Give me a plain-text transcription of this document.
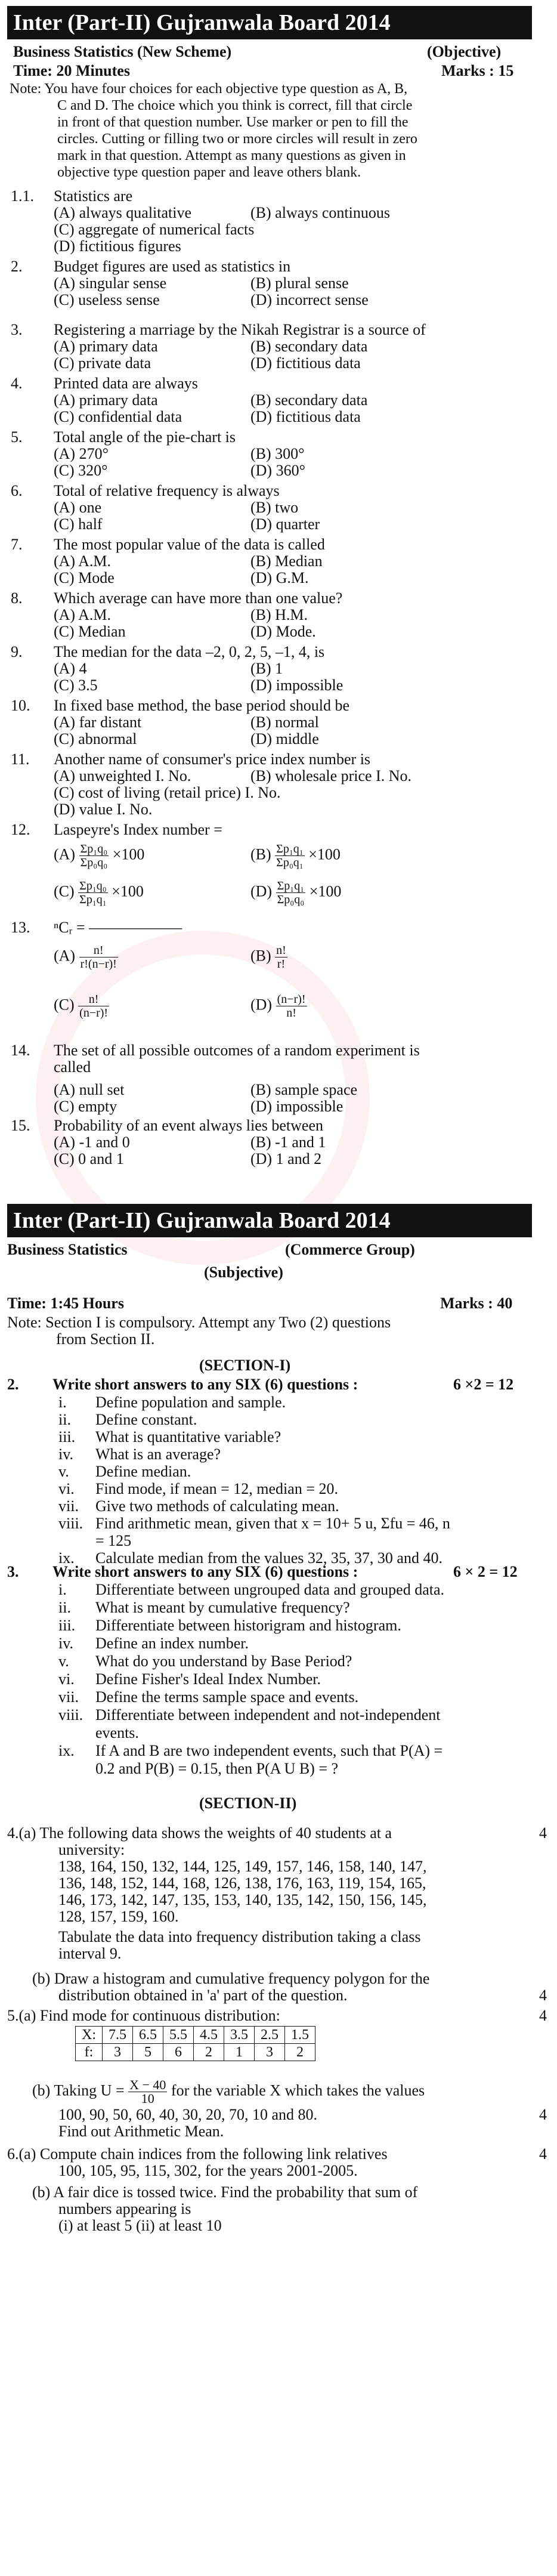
Inter (Part-II) Gujranwala Board 2014
Business Statistics (New Scheme)	(Objective)
Time: 20 Minutes	Marks : 15
Note: You have four choices for each objective type question as A, B,
C and D. The choice which you think is correct, fill that circle
in front of that question number. Use marker or pen to fill the
circles. Cutting or filling two or more circles will result in zero
mark in that question. Attempt as many questions as given in
objective type question paper and leave others blank.
1.1. Statistics are
(A) always qualitative	(B) always continuous
(C) aggregate of numerical facts
(D) fictitious figures
2. Budget figures are used as statistics in
(A) singular sense	(B) plural sense
(C) useless sense	(D) incorrect sense
3. Registering a marriage by the Nikah Registrar is a source of
(A) primary data	(B) secondary data
(C) private data	(D) fictitious data
4. Printed data are always
(A) primary data	(B) secondary data
(C) confidential data	(D) fictitious data
5. Total angle of the pie-chart is
(A) 270°	(B) 300°
(C) 320°	(D) 360°
6. Total of relative frequency is always
(A) one	(B) two
(C) half	(D) quarter
7. The most popular value of the data is called
(A) A.M.	(B) Median
(C) Mode	(D) G.M.
8. Which average can have more than one value?
(A) A.M.	(B) H.M.
(C) Median	(D) Mode.
9. The median for the data –2, 0, 2, 5, –1, 4, is
(A) 4	(B) 1
(C) 3.5	(D) impossible
10. In fixed base method, the base period should be
(A) far distant	(B) normal
(C) abnormal	(D) middle
11. Another name of consumer's price index number is
(A) unweighted I. No.	(B) wholesale price I. No.
(C) cost of living (retail price) I. No.
(D) value I. No.
12. Laspeyre's Index number =
$(A) \frac{\text{Σp₁q₀}}{\text{Σp₀q₀}} \times 100$	$(B) \frac{\text{Σp₁q₁}}{\text{Σp₀q₁}} \times 100$
$(C) \frac{\text{Σp₁q₀}}{\text{Σp₁q₁}} \times 100$	$(D) \frac{\text{Σp₁q₁}}{\text{Σp₀q₀}} \times 100$
13. ⁿCᵣ = ——————
$(A) \frac{n!}{r!(n-r)!}$	$(B) \frac{n!}{r!}$
$(C) \frac{n!}{(n-r)!}$	$(D) \frac{(n-r)!}{n!}$
14. The set of all possible outcomes of a random experiment is
called
(A) null set	(B) sample space
(C) empty	(D) impossible
15. Probability of an event always lies between
(A) -1 and 0	(B) -1 and 1
(C) 0 and 1	(D) 1 and 2
Inter (Part-II) Gujranwala Board 2014
Business Statistics	(Commerce Group)
(Subjective)
Time: 1:45 Hours	Marks : 40
Note: Section I is compulsory. Attempt any Two (2) questions
from Section II.
(SECTION-I)
2. Write short answers to any SIX (6) questions :	6 ×2 = 12
i. Define population and sample.
ii. Define constant.
iii. What is quantitative variable?
iv. What is an average?
v. Define median.
vi. Find mode, if mean = 12, median = 20.
vii. Give two methods of calculating mean.
viii. Find arithmetic mean, given that x = 10+ 5 u, Σfu = 46, n
= 125
ix. Calculate median from the values 32, 35, 37, 30 and 40.
3. Write short answers to any SIX (6) questions :	6 × 2 = 12
i. Differentiate between ungrouped data and grouped data.
ii. What is meant by cumulative frequency?
iii. Differentiate between historigram and histogram.
iv. Define an index number.
v. What do you understand by Base Period?
vi. Define Fisher's Ideal Index Number.
vii. Define the terms sample space and events.
viii. Differentiate between independent and not-independent
events.
ix. If A and B are two independent events, such that P(A) =
0.2 and P(B) = 0.15, then P(A U B) = ?
(SECTION-II)
4.(a) The following data shows the weights of 40 students at a	4
university:
138, 164, 150, 132, 144, 125, 149, 157, 146, 158, 140, 147,
136, 148, 152, 144, 168, 126, 138, 176, 163, 119, 154, 165,
146, 173, 142, 147, 135, 153, 140, 135, 142, 150, 156, 145,
128, 157, 159, 160.
Tabulate the data into frequency distribution taking a class
interval 9.
(b) Draw a histogram and cumulative frequency polygon for the
distribution obtained in 'a' part of the question.	4
5.(a) Find mode for continuous distribution:	4
X:	7.5	6.5	5.5	4.5	3.5	2.5	1.5
f:	3	5	6	2	1	3	2
(b) Taking $U = \frac{X - 40}{10}$ for the variable X which takes the values
100, 90, 50, 60, 40, 30, 20, 70, 10 and 80.	4
Find out Arithmetic Mean.
6.(a) Compute chain indices from the following link relatives	4
100, 105, 95, 115, 302, for the years 2001-2005.
(b) A fair dice is tossed twice. Find the probability that sum of
numbers appearing is
(i) at least 5 (ii) at least 10
